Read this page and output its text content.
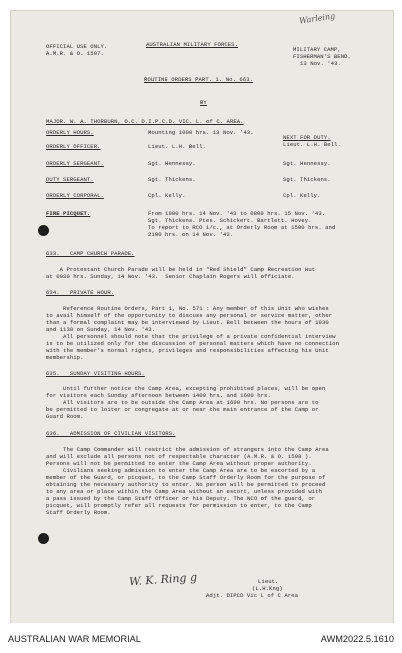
Warleing
OFFICIAL USE ONLY.
A.M.R. & O. 1507.
AUSTRALIAN MILITARY FORCES.
MILITARY CAMP,
FISHERMAN'S BEND.
13 Nov. '43.
ROUTINE ORDERS PART. 1. No. 663.
BY
MAJOR. W. A. THORBURN, O.C. D.I.P.C.D. VIC. L. of C. AREA.
NEXT FOR DUTY.
ORDERLY HOURS.	Mounting 1000 hrs. 13 Nov. '43.
ORDERLY OFFICER.	Lieut. L.H. Bell.	Lieut. L.H. Bell.
ORDERLY SERGEANT.	Sgt. Hennessy.	Sgt. Hennessy.
DUTY SERGEANT.	Sgt. Thickens.	Sgt. Thickens.
ORDERLY CORPORAL.	Cpl. Kelly.	Cpl. Kelly.
FIRE PICQUET.	From 1000 hrs. 14 Nov. '43 to 0800 hrs. 15 Nov. '43.
Sgt. Thickens. Ptes. Schickert. Bartlett. Hovey.
To report to RCO 1/c., at Orderly Room at 1500 hrs. and
2100 hrs. on 14 Nov. '43.
633.   CAMP CHURCH PARADE.
A Protestant Church Parade will be held in "Red Shield" Camp Recreation Hut
at 0930 hrs. Sunday, 14 Nov. '43.  Senior Chaplain Rogers will officiate.
634.   PRIVATE HOUR.
Reference Routine Orders, Part 1, No. 571 : Any member of this Unit who wishes
to avail himself of the opportunity to discuss any personal or service matter, other
than a formal complaint may be interviewed by Lieut. Bell between the hours of 1030
and 1130 on Sunday, 14 Nov. '43.
All personnel should note that the privilege of a private confidential interview
is to be utilized only for the discussion of personal matters which have no connection
with the member's normal rights, privileges and responsibilities affecting his Unit
membership.
635.   SUNDAY VISITING HOURS.
Until further notice the Camp Area, excepting prohibited places, will be open
for visitors each Sunday afternoon between 1400 hrs. and 1600 hrs.
All visitors are to be outside the Camp Area at 1600 hrs. No persons are to
be permitted to loiter or congregate at or near the main entrance of the Camp or
Guard Room.
636.   ADMISSION OF CIVILIAN VISITORS.
The Camp Commander will restrict the admission of strangers into the Camp Area
and will exclude all persons not of respectable character (A.M.R. & O. 1508 ).
Persons will not be permitted to enter the Camp Area without proper authority.
Civilians seeking admission to enter the Camp Area are to be escorted by a
member of the Guard, or picquet, to the Camp Staff Orderly Room for the purpose of
obtaining the necessary authority to enter. No person will be permitted to proceed
to any area or place within the Camp Area without an escort, unless provided with
a pass issued by the Camp Staff Officer or his Deputy. The NCO of the guard, or
picquet, will promptly refer all requests for permission to enter, to the Camp
Staff Orderly Room.
W. K. Ring g	Lieut.
(L.H.Kng)
Adjt. DIPCD Vic L of C Area
AUSTRALIAN WAR MEMORIAL	AWM2022.5.1610
